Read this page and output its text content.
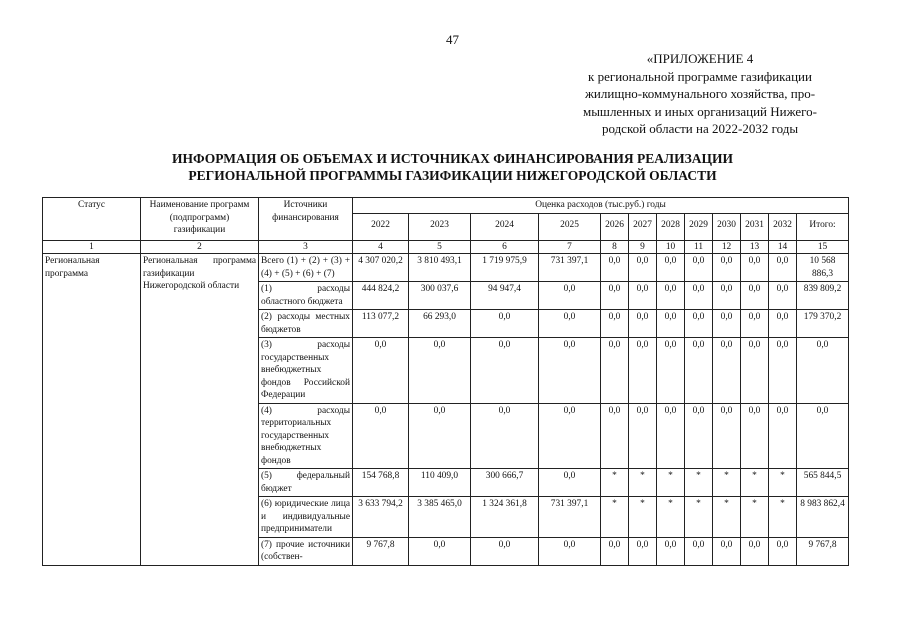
47
«ПРИЛОЖЕНИЕ 4
к региональной программе газификации
жилищно-коммунального хозяйства, про-
мышленных и иных организаций Нижего-
родской области на 2022-2032 годы
ИНФОРМАЦИЯ ОБ ОБЪЕМАХ И ИСТОЧНИКАХ ФИНАНСИРОВАНИЯ РЕАЛИЗАЦИИ
РЕГИОНАЛЬНОЙ ПРОГРАММЫ ГАЗИФИКАЦИИ НИЖЕГОРОДСКОЙ ОБЛАСТИ
Статус	Наименование программ (подпрограмм) газификации	Источники финансирования	Оценка расходов (тыс.руб.) годы											
			2022	2023	2024	2025	2026	2027	2028	2029	2030	2031	2032	Итого:
1	2	3	4	5	6	7	8	9	10	11	12	13	14	15
Региональная программа	Региональная программа газификации Нижегородской области	Всего (1) + (2) + (3) + (4) + (5) + (6) + (7)	4 307 020,2	3 810 493,1	1 719 975,9	731 397,1	0,0	0,0	0,0	0,0	0,0	0,0	0,0	10 568 886,3
		(1) расходы областного бюджета	444 824,2	300 037,6	94 947,4	0,0	0,0	0,0	0,0	0,0	0,0	0,0	0,0	839 809,2
		(2) расходы местных бюджетов	113 077,2	66 293,0	0,0	0,0	0,0	0,0	0,0	0,0	0,0	0,0	0,0	179 370,2
		(3) расходы государственных внебюджетных фондов Российской Федерации	0,0	0,0	0,0	0,0	0,0	0,0	0,0	0,0	0,0	0,0	0,0	0,0
		(4) расходы территориальных государственных внебюджетных фондов	0,0	0,0	0,0	0,0	0,0	0,0	0,0	0,0	0,0	0,0	0,0	0,0
		(5) федеральный бюджет	154 768,8	110 409,0	300 666,7	0,0	*	*	*	*	*	*	*	565 844,5
		(6) юридические лица и индивидуальные предприниматели	3 633 794,2	3 385 465,0	1 324 361,8	731 397,1	*	*	*	*	*	*	*	8 983 862,4
		(7) прочие источники (собствен-	9 767,8	0,0	0,0	0,0	0,0	0,0	0,0	0,0	0,0	0,0	0,0	9 767,8
